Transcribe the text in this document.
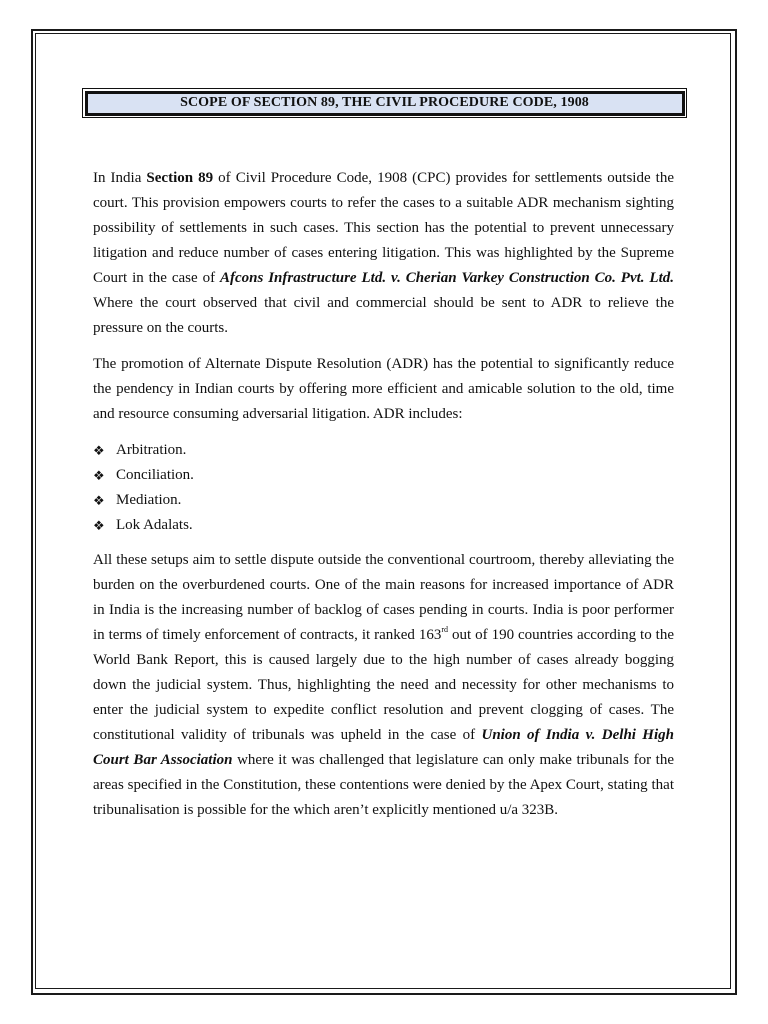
SCOPE OF SECTION 89, THE CIVIL PROCEDURE CODE, 1908

In India Section 89 of Civil Procedure Code, 1908 (CPC) provides for settlements outside the court. This provision empowers courts to refer the cases to a suitable ADR mechanism sighting possibility of settlements in such cases. This section has the potential to prevent unnecessary litigation and reduce number of cases entering litigation. This was highlighted by the Supreme Court in the case of Afcons Infrastructure Ltd. v. Cherian Varkey Construction Co. Pvt. Ltd. Where the court observed that civil and commercial should be sent to ADR to relieve the pressure on the courts.

The promotion of Alternate Dispute Resolution (ADR) has the potential to significantly reduce the pendency in Indian courts by offering more efficient and amicable solution to the old, time and resource consuming adversarial litigation. ADR includes:

❖ Arbitration.
❖ Conciliation.
❖ Mediation.
❖ Lok Adalats.

All these setups aim to settle dispute outside the conventional courtroom, thereby alleviating the burden on the overburdened courts. One of the main reasons for increased importance of ADR in India is the increasing number of backlog of cases pending in courts. India is poor performer in terms of timely enforcement of contracts, it ranked 163rd out of 190 countries according to the World Bank Report, this is caused largely due to the high number of cases already bogging down the judicial system. Thus, highlighting the need and necessity for other mechanisms to enter the judicial system to expedite conflict resolution and prevent clogging of cases. The constitutional validity of tribunals was upheld in the case of Union of India v. Delhi High Court Bar Association where it was challenged that legislature can only make tribunals for the areas specified in the Constitution, these contentions were denied by the Apex Court, stating that tribunalisation is possible for the which aren’t explicitly mentioned u/a 323B.
